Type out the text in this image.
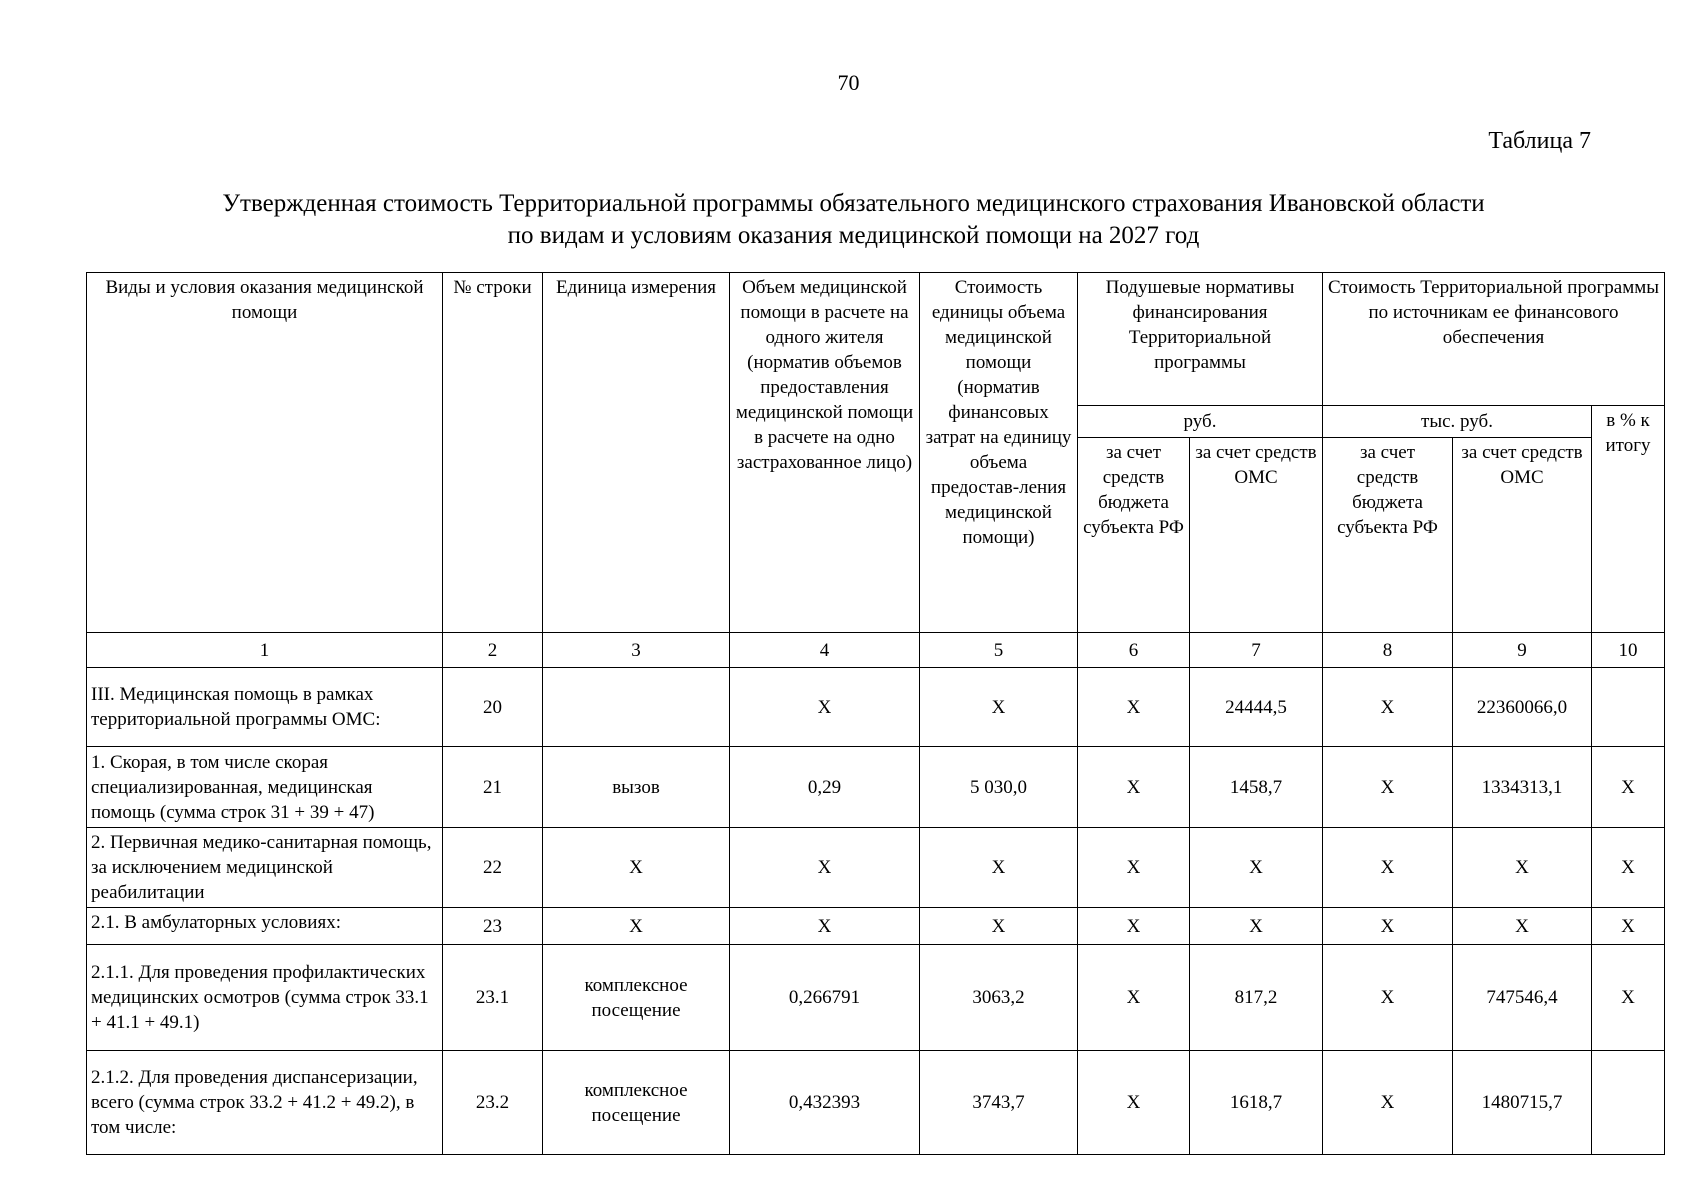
70
Таблица 7
Утвержденная стоимость Территориальной программы обязательного медицинского страхования Ивановской области
по видам и условиям оказания медицинской помощи на 2027 год
Виды и условия оказания медицинской помощи	№ строки	Единица измерения	Объем медицинской помощи в расчете на одного жителя (норматив объемов предоставления медицинской помощи в расчете на одно застрахованное лицо)	Стоимость единицы объема медицинской помощи (норматив финансовых затрат на единицу объема предостав-ления медицинской помощи)	Подушевые нормативы финансирования Территориальной программы		Стоимость Территориальной программы по источникам ее финансового обеспечения		
					руб.		тыс. руб.		в % к итогу
					за счет средств бюджета субъекта РФ	за счет средств ОМС	за счет средств бюджета субъекта РФ	за счет средств ОМС	
1	2	3	4	5	6	7	8	9	10
III. Медицинская помощь в рамках территориальной программы ОМС:	20		X	X	X	24444,5	X	22360066,0	
1. Скорая, в том числе скорая специализированная, медицинская помощь (сумма строк 31 + 39 + 47)	21	вызов	0,29	5 030,0	X	1458,7	X	1334313,1	X
2. Первичная медико-санитарная помощь, за исключением медицинской реабилитации	22	X	X	X	X	X	X	X	X
2.1. В амбулаторных условиях:	23	X	X	X	X	X	X	X	X
2.1.1. Для проведения профилактических медицинских осмотров (сумма строк 33.1 + 41.1 + 49.1)	23.1	комплексное посещение	0,266791	3063,2	X	817,2	X	747546,4	X
2.1.2. Для проведения диспансеризации, всего (сумма строк 33.2 + 41.2 + 49.2), в том числе:	23.2	комплексное посещение	0,432393	3743,7	X	1618,7	X	1480715,7	
